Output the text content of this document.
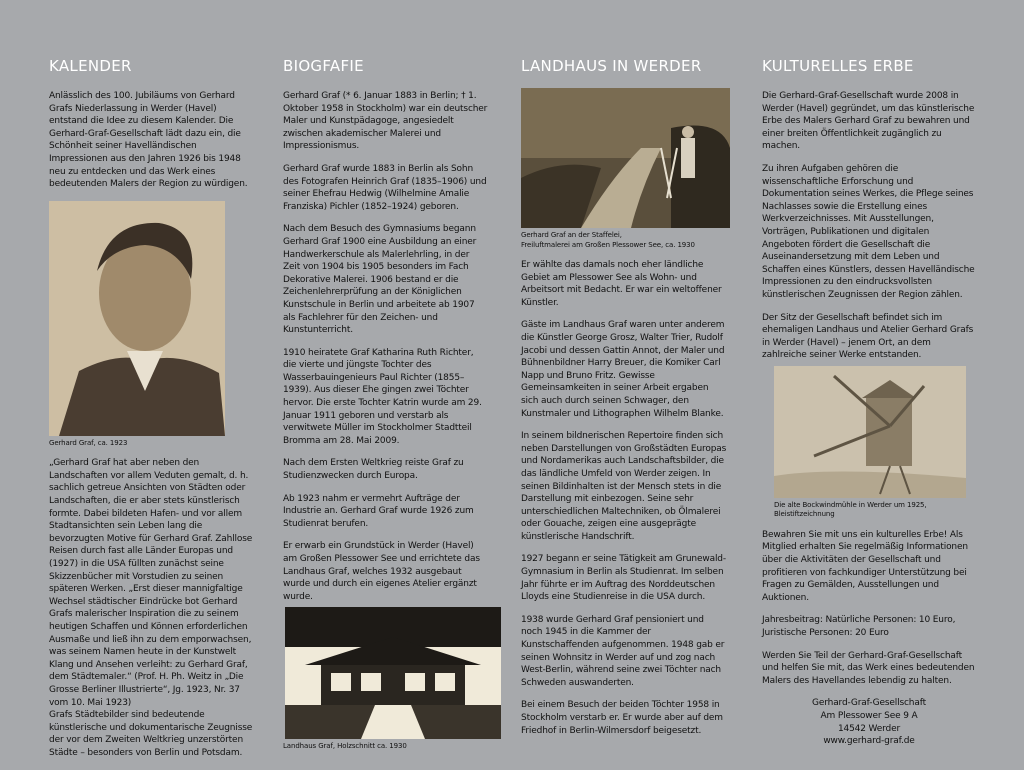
KALENDER

Anlässlich des 100. Jubiläums von Gerhard Grafs Niederlassung in Werder (Havel) entstand die Idee zu diesem Kalender. Die Gerhard-Graf-Gesellschaft lädt dazu ein, die Schönheit seiner Havelländischen Impressionen aus den Jahren 1926 bis 1948 neu zu entdecken und das Werk eines bedeutenden Malers der Region zu würdigen.

Gerhard Graf, ca. 1923

„Gerhard Graf hat aber neben den Landschaften vor allem Veduten gemalt, d. h. sachlich getreue Ansichten von Städten oder Landschaften, die er aber stets künstlerisch formte. Dabei bildeten Hafen- und vor allem Stadtansichten sein Leben lang die bevorzugten Motive für Gerhard Graf. Zahllose Reisen durch fast alle Länder Europas und (1927) in die USA füllten zunächst seine Skizzenbücher mit Vorstudien zu seinen späteren Werken. „Erst dieser mannigfaltige Wechsel städtischer Eindrücke bot Gerhard Grafs malerischer Inspiration die zu seinem heutigen Schaffen und Können erforderlichen Ausmaße und ließ ihn zu dem emporwachsen, was seinem Namen heute in der Kunstwelt Klang und Ansehen verleiht: zu Gerhard Graf, dem Städtemaler.“ (Prof. H. Ph. Weitz in „Die Grosse Berliner Illustrierte“, Jg. 1923, Nr. 37 vom 10. Mai 1923)

Grafs Städtebilder sind bedeutende künstlerische und dokumentarische Zeugnisse der vor dem Zweiten Weltkrieg unzerstörten Städte – besonders von Berlin und Potsdam.

BIOGFAFIE

Gerhard Graf (* 6. Januar 1883 in Berlin; † 1. Oktober 1958 in Stockholm) war ein deutscher Maler und Kunstpädagoge, angesiedelt zwischen akademischer Malerei und Impressionismus.

Gerhard Graf wurde 1883 in Berlin als Sohn des Fotografen Heinrich Graf (1835–1906) und seiner Ehefrau Hedwig (Wilhelmine Amalie Franziska) Pichler (1852–1924) geboren.

Nach dem Besuch des Gymnasiums begann Gerhard Graf 1900 eine Ausbildung an einer Handwerkerschule als Malerlehrling, in der Zeit von 1904 bis 1905 besonders im Fach Dekorative Malerei. 1906 bestand er die Zeichenlehrerprüfung an der Königlichen Kunstschule in Berlin und arbeitete ab 1907 als Fachlehrer für den Zeichen- und Kunstunterricht.

1910 heiratete Graf Katharina Ruth Richter, die vierte und jüngste Tochter des Wasserbauingenieurs Paul Richter (1855–1939). Aus dieser Ehe gingen zwei Töchter hervor. Die erste Tochter Katrin wurde am 29. Januar 1911 geboren und verstarb als verwitwete Müller im Stockholmer Stadtteil Bromma am 28. Mai 2009.

Nach dem Ersten Weltkrieg reiste Graf zu Studienzwecken durch Europa.

Ab 1923 nahm er vermehrt Aufträge der Industrie an. Gerhard Graf wurde 1926 zum Studienrat berufen.

Er erwarb ein Grundstück in Werder (Havel) am Großen Plessower See und errichtete das Landhaus Graf, welches 1932 ausgebaut wurde und durch ein eigenes Atelier ergänzt wurde.

Landhaus Graf, Holzschnitt ca. 1930

LANDHAUS IN WERDER

Gerhard Graf an der Staffelei,
Freiluftmalerei am Großen Plessower See, ca. 1930

Er wählte das damals noch eher ländliche Gebiet am Plessower See als Wohn- und Arbeitsort mit Bedacht. Er war ein weltoffener Künstler.

Gäste im Landhaus Graf waren unter anderem die Künstler George Grosz, Walter Trier, Rudolf Jacobi und dessen Gattin Annot, der Maler und Bühnenbildner Harry Breuer, die Komiker Carl Napp und Bruno Fritz. Gewisse Gemeinsamkeiten in seiner Arbeit ergaben sich auch durch seinen Schwager, den Kunstmaler und Lithographen Wilhelm Blanke.

In seinem bildnerischen Repertoire finden sich neben Darstellungen von Großstädten Europas und Nordamerikas auch Landschaftsbilder, die das ländliche Umfeld von Werder zeigen. In seinen Bildinhalten ist der Mensch stets in die Darstellung mit einbezogen. Seine sehr unterschiedlichen Maltechniken, ob Ölmalerei oder Gouache, zeigen eine ausgeprägte künstlerische Handschrift.

1927 begann er seine Tätigkeit am Grunewald-Gymnasium in Berlin als Studienrat. Im selben Jahr führte er im Auftrag des Norddeutschen Lloyds eine Studienreise in die USA durch.

1938 wurde Gerhard Graf pensioniert und noch 1945 in die Kammer der Kunstschaffenden aufgenommen. 1948 gab er seinen Wohnsitz in Werder auf und zog nach West-Berlin, während seine zwei Töchter nach Schweden auswanderten.

Bei einem Besuch der beiden Töchter 1958 in Stockholm verstarb er. Er wurde aber auf dem Friedhof in Berlin-Wilmersdorf beigesetzt.

KULTURELLES ERBE

Die Gerhard-Graf-Gesellschaft wurde 2008 in Werder (Havel) gegründet, um das künstlerische Erbe des Malers Gerhard Graf zu bewahren und einer breiten Öffentlichkeit zugänglich zu machen.

Zu ihren Aufgaben gehören die wissenschaftliche Erforschung und Dokumentation seines Werkes, die Pflege seines Nachlasses sowie die Erstellung eines Werkverzeichnisses. Mit Ausstellungen, Vorträgen, Publikationen und digitalen Angeboten fördert die Gesellschaft die Auseinandersetzung mit dem Leben und Schaffen eines Künstlers, dessen Havelländische Impressionen zu den eindrucksvollsten künstlerischen Zeugnissen der Region zählen.

Der Sitz der Gesellschaft befindet sich im ehemaligen Landhaus und Atelier Gerhard Grafs in Werder (Havel) – jenem Ort, an dem zahlreiche seiner Werke entstanden.

Die alte Bockwindmühle in Werder um 1925,
Bleistiftzeichnung

Bewahren Sie mit uns ein kulturelles Erbe! Als Mitglied erhalten Sie regelmäßig Informationen über die Aktivitäten der Gesellschaft und profitieren von fachkundiger Unterstützung bei Fragen zu Gemälden, Ausstellungen und Auktionen.

Jahresbeitrag: Natürliche Personen: 10 Euro,
Juristische Personen: 20 Euro

Werden Sie Teil der Gerhard-Graf-Gesellschaft und helfen Sie mit, das Werk eines bedeutenden Malers des Havellandes lebendig zu halten.

Gerhard-Graf-Gesellschaft
Am Plessower See 9 A
14542 Werder
www.gerhard-graf.de
